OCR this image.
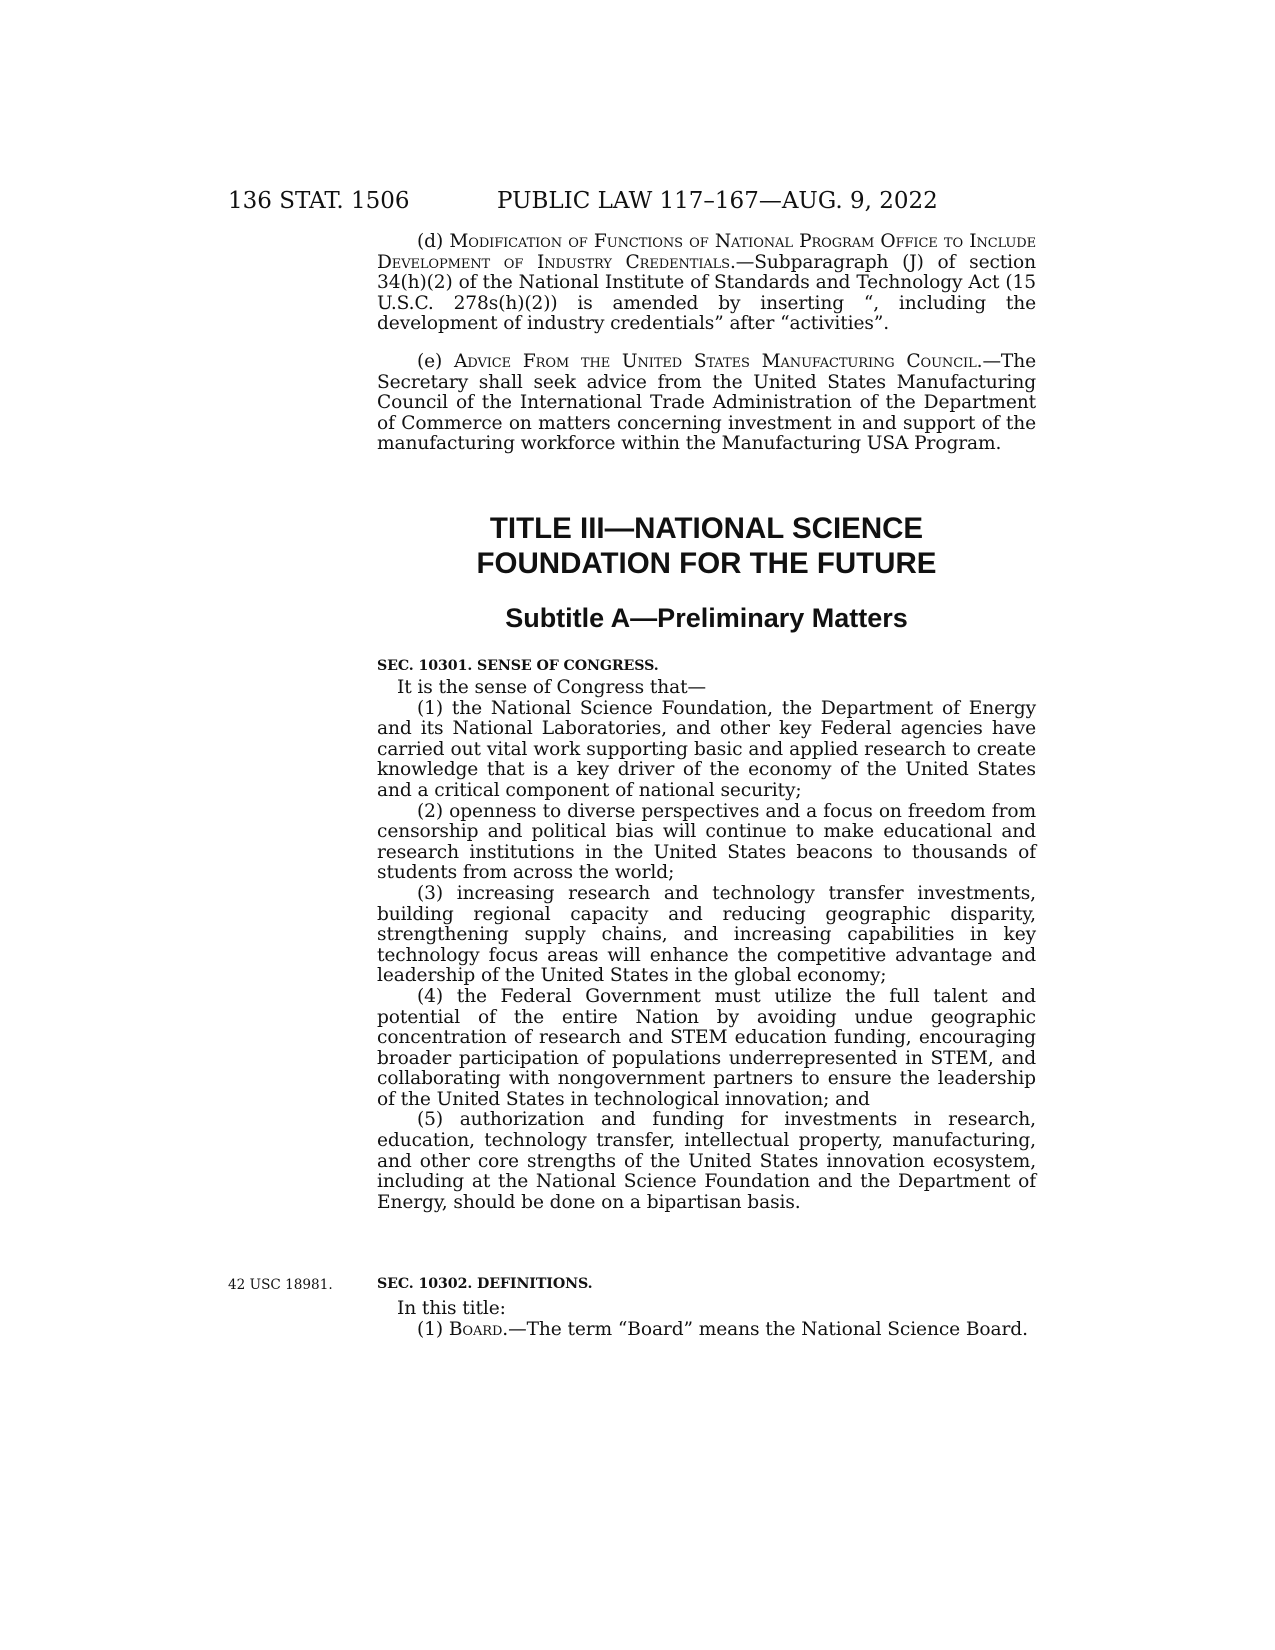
136 STAT. 1506	PUBLIC LAW 117–167—AUG. 9, 2022

(d) Modification of Functions of National Program Office to Include Development of Industry Credentials.—Subparagraph (J) of section 34(h)(2) of the National Institute of Standards and Technology Act (15 U.S.C. 278s(h)(2)) is amended by inserting “, including the development of industry credentials” after “activities”.

(e) Advice From the United States Manufacturing Council.—The Secretary shall seek advice from the United States Manufacturing Council of the International Trade Administration of the Department of Commerce on matters concerning investment in and support of the manufacturing workforce within the Manufacturing USA Program.

TITLE III—NATIONAL SCIENCE
FOUNDATION FOR THE FUTURE
Subtitle A—Preliminary Matters
SEC. 10301. SENSE OF CONGRESS.

It is the sense of Congress that—

(1) the National Science Foundation, the Department of Energy and its National Laboratories, and other key Federal agencies have carried out vital work supporting basic and applied research to create knowledge that is a key driver of the economy of the United States and a critical component of national security;

(2) openness to diverse perspectives and a focus on freedom from censorship and political bias will continue to make educational and research institutions in the United States beacons to thousands of students from across the world;

(3) increasing research and technology transfer investments, building regional capacity and reducing geographic disparity, strengthening supply chains, and increasing capabilities in key technology focus areas will enhance the competitive advantage and leadership of the United States in the global economy;

(4) the Federal Government must utilize the full talent and potential of the entire Nation by avoiding undue geographic concentration of research and STEM education funding, encouraging broader participation of populations underrepresented in STEM, and collaborating with nongovernment partners to ensure the leadership of the United States in technological innovation; and

(5) authorization and funding for investments in research, education, technology transfer, intellectual property, manufacturing, and other core strengths of the United States innovation ecosystem, including at the National Science Foundation and the Department of Energy, should be done on a bipartisan basis.

42 USC 18981.	SEC. 10302. DEFINITIONS.

In this title:

(1) Board.—The term “Board” means the National Science Board.
